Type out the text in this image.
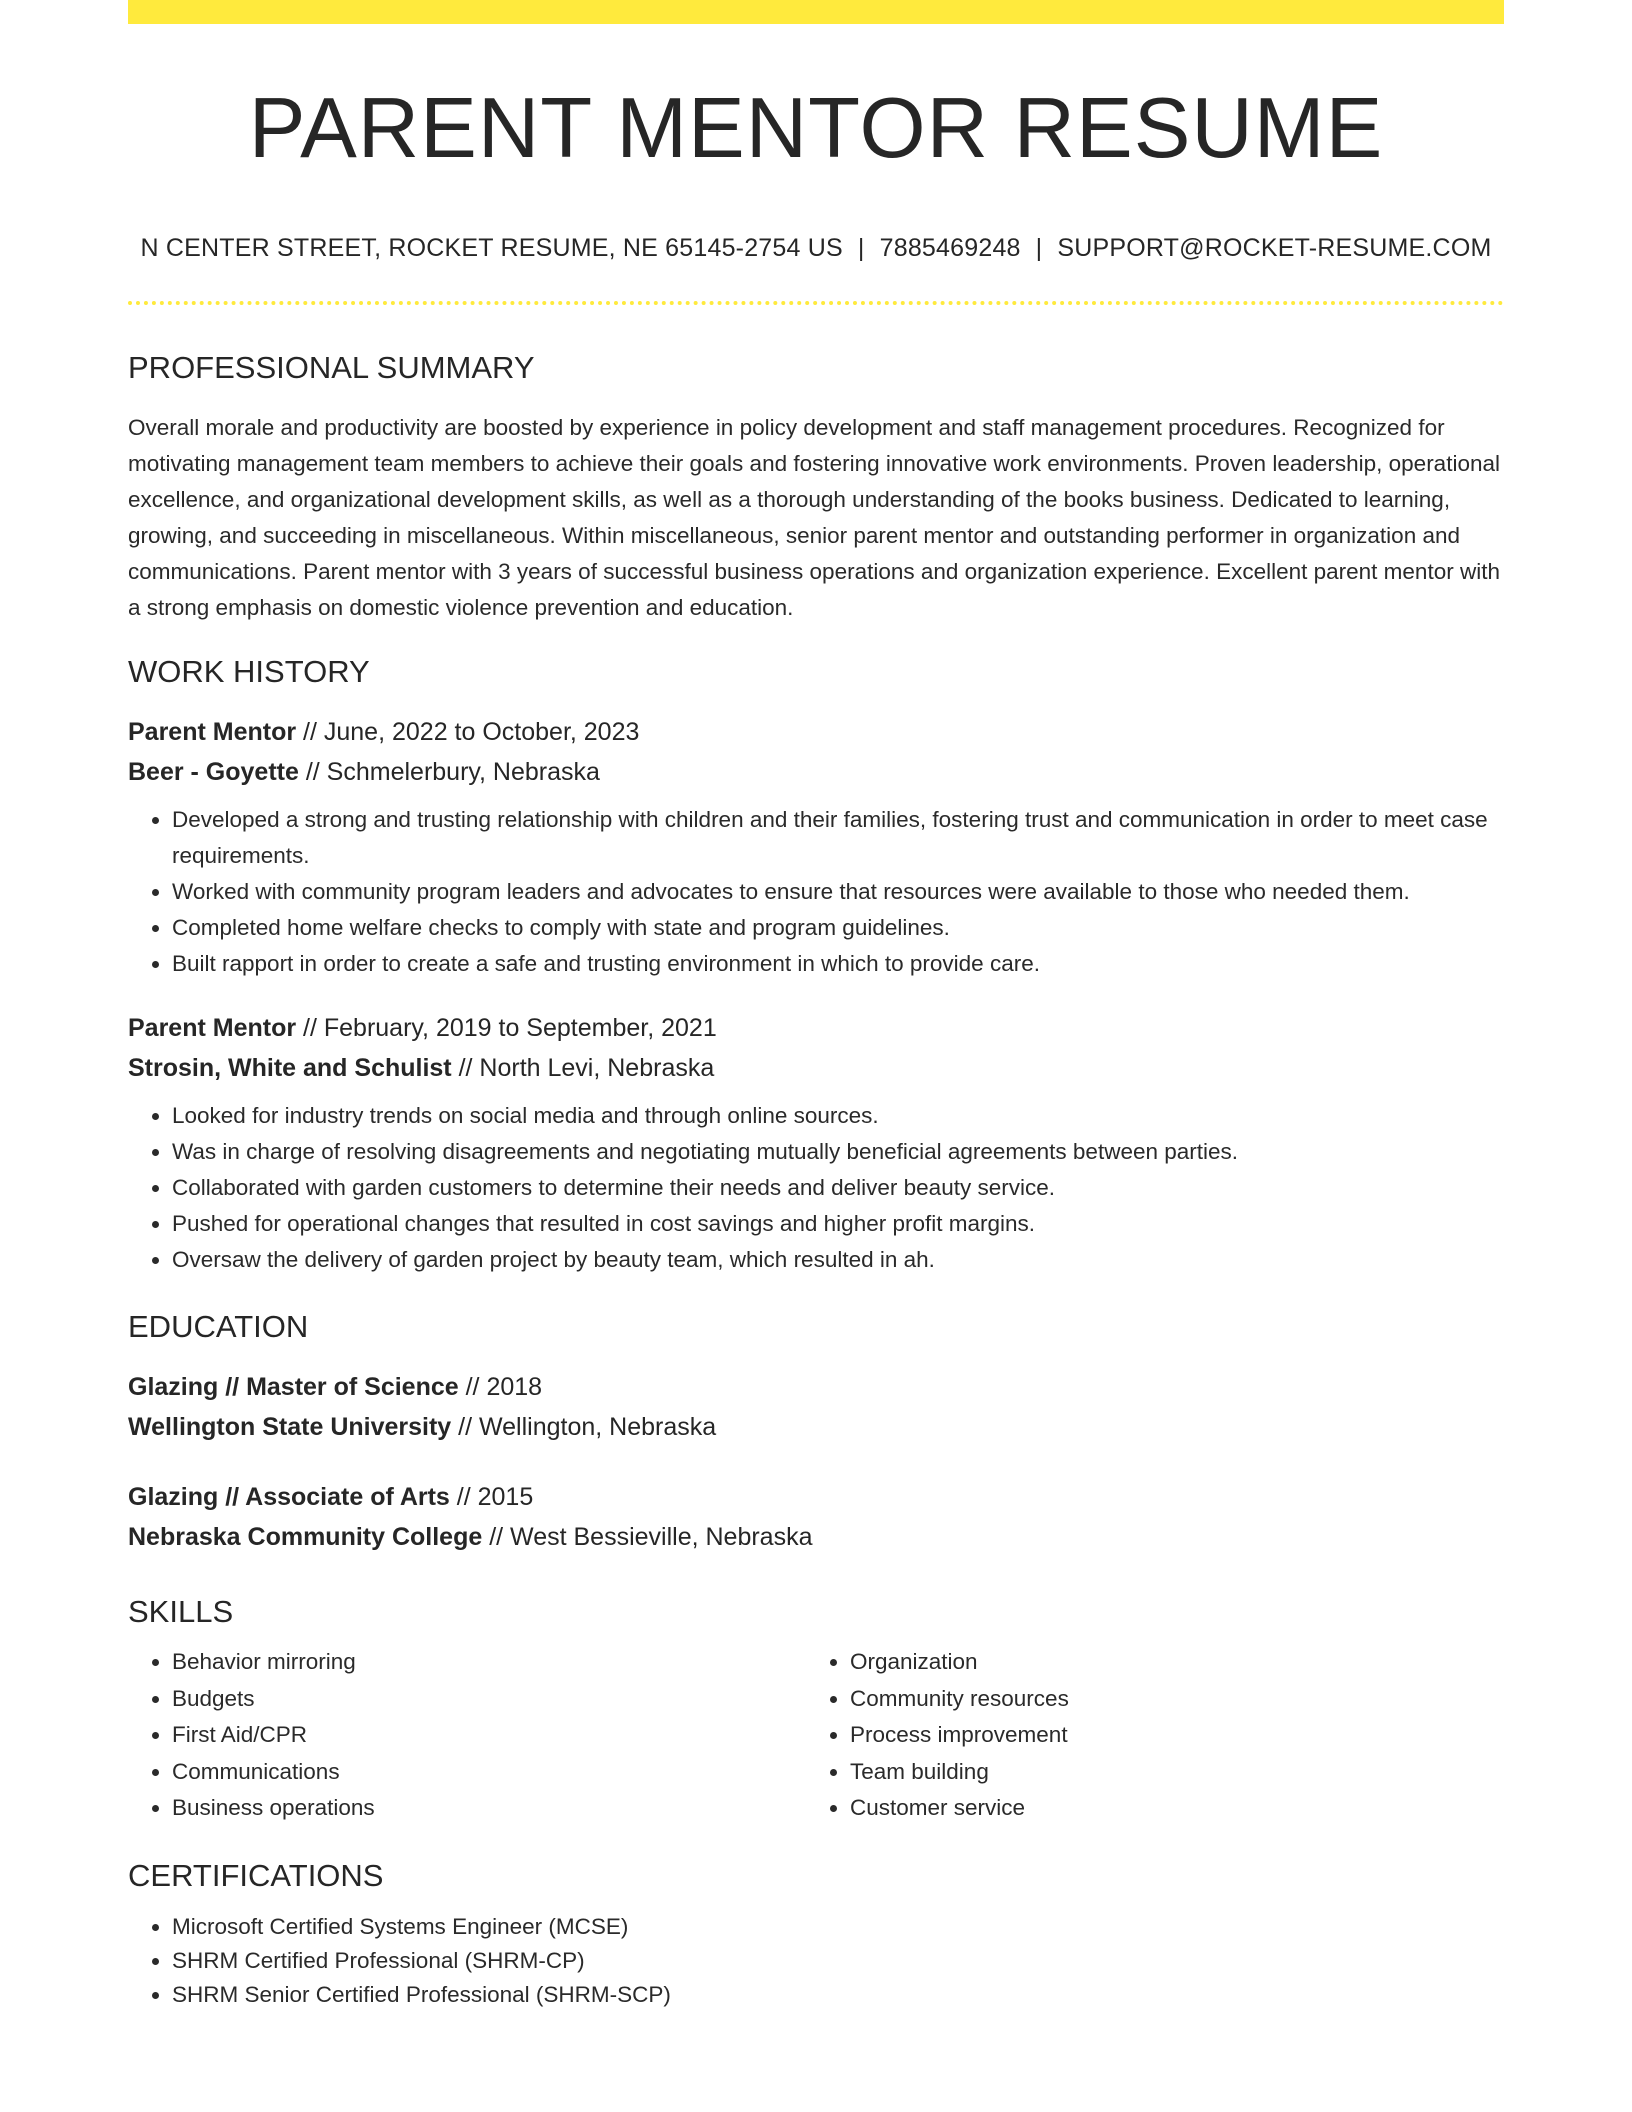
PARENT MENTOR RESUME
N CENTER STREET, ROCKET RESUME, NE 65145-2754 US | 7885469248 | SUPPORT@ROCKET-RESUME.COM
PROFESSIONAL SUMMARY
Overall morale and productivity are boosted by experience in policy development and staff management procedures. Recognized for motivating management team members to achieve their goals and fostering innovative work environments. Proven leadership, operational excellence, and organizational development skills, as well as a thorough understanding of the books business. Dedicated to learning, growing, and succeeding in miscellaneous. Within miscellaneous, senior parent mentor and outstanding performer in organization and communications. Parent mentor with 3 years of successful business operations and organization experience. Excellent parent mentor with a strong emphasis on domestic violence prevention and education.
WORK HISTORY
Parent Mentor // June, 2022 to October, 2023
Beer - Goyette // Schmelerbury, Nebraska
• Developed a strong and trusting relationship with children and their families, fostering trust and communication in order to meet case requirements.
• Worked with community program leaders and advocates to ensure that resources were available to those who needed them.
• Completed home welfare checks to comply with state and program guidelines.
• Built rapport in order to create a safe and trusting environment in which to provide care.
Parent Mentor // February, 2019 to September, 2021
Strosin, White and Schulist // North Levi, Nebraska
• Looked for industry trends on social media and through online sources.
• Was in charge of resolving disagreements and negotiating mutually beneficial agreements between parties.
• Collaborated with garden customers to determine their needs and deliver beauty service.
• Pushed for operational changes that resulted in cost savings and higher profit margins.
• Oversaw the delivery of garden project by beauty team, which resulted in ah.
EDUCATION
Glazing // Master of Science // 2018
Wellington State University // Wellington, Nebraska
Glazing // Associate of Arts // 2015
Nebraska Community College // West Bessieville, Nebraska
SKILLS
• Behavior mirroring
• Budgets
• First Aid/CPR
• Communications
• Business operations
• Organization
• Community resources
• Process improvement
• Team building
• Customer service
CERTIFICATIONS
• Microsoft Certified Systems Engineer (MCSE)
• SHRM Certified Professional (SHRM-CP)
• SHRM Senior Certified Professional (SHRM-SCP)
